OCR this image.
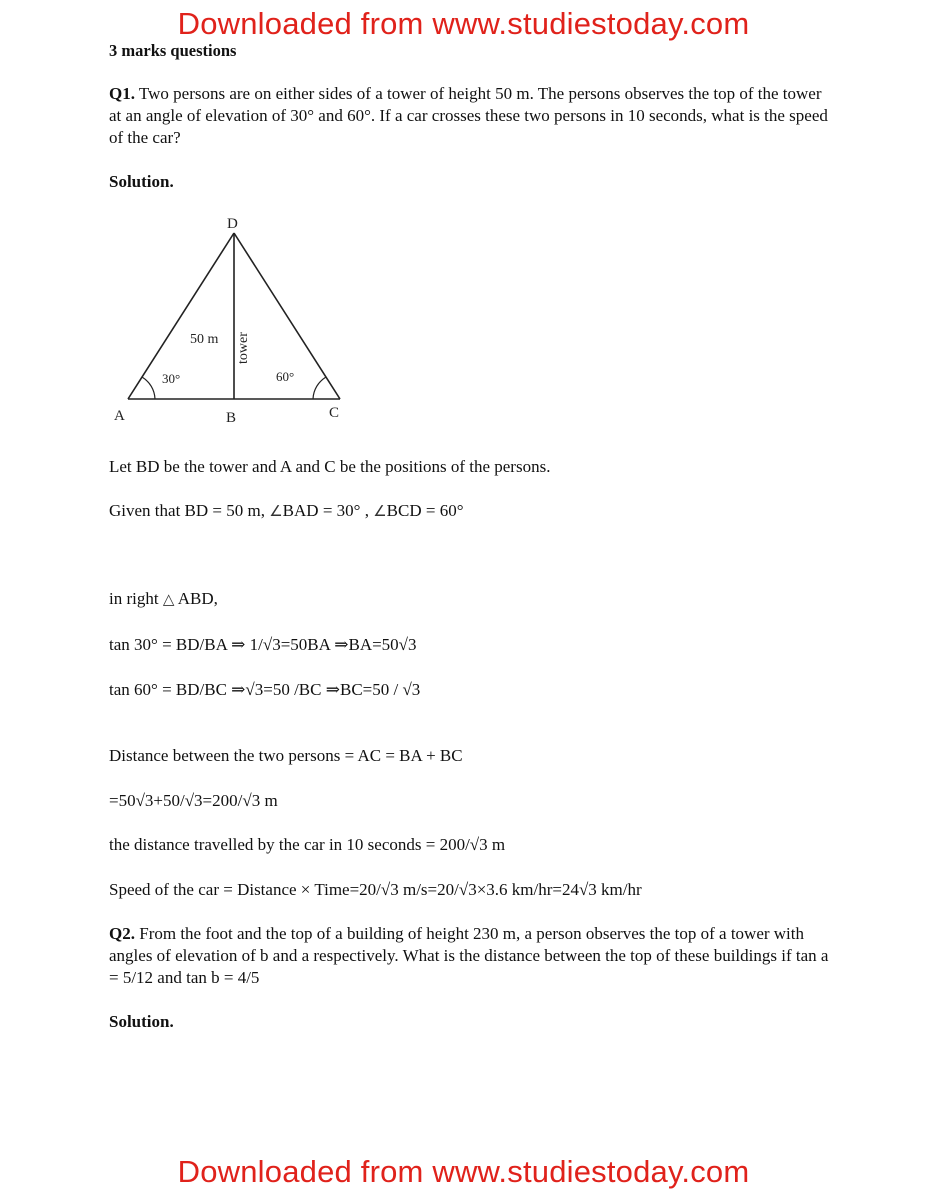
Downloaded from www.studiestoday.com
3 marks questions
Q1. Two persons are on either sides of a tower of height 50 m. The persons observes the top of the tower at an angle of elevation of 30° and 60°. If a car crosses these two persons in 10 seconds, what is the speed of the car?
Solution.
D
A	B	C
50 m
30°	60°
tower
Let BD be the tower and A and C be the positions of the persons.
Given that BD = 50 m, ∠BAD = 30° , ∠BCD = 60°
in right △ ABD,
tan 30° = BD/BA ⇒ 1/√3=50BA ⇒BA=50√3
tan 60° = BD/BC ⇒√3=50 /BC ⇒BC=50 / √3
Distance between the two persons = AC = BA + BC
=50√3+50/√3=200/√3 m
the distance travelled by the car in 10 seconds = 200/√3 m
Speed of the car = Distance × Time=20/√3 m/s=20/√3×3.6 km/hr=24√3 km/hr
Q2. From the foot and the top of a building of height 230 m, a person observes the top of a tower with angles of elevation of b and a respectively. What is the distance between the top of these buildings if tan a = 5/12 and tan b = 4/5
Solution.
Downloaded from www.studiestoday.com
